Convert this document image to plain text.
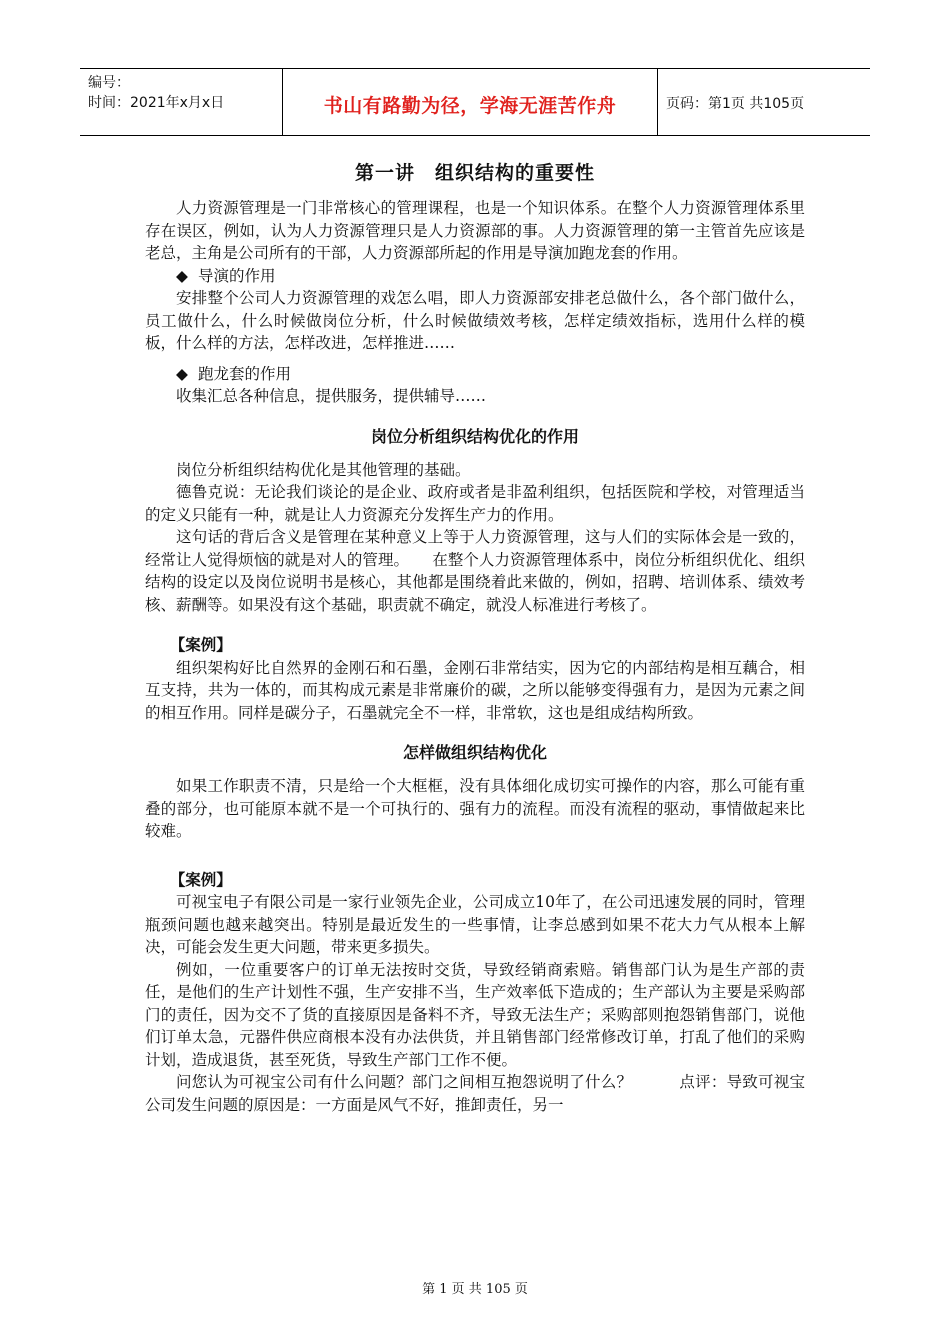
编号：
时间：2021年x月x日	书山有路勤为径，学海无涯苦作舟	页码：第1页 共105页
第一讲　组织结构的重要性

人力资源管理是一门非常核心的管理课程，也是一个知识体系。在整个人力资源管理体系里存在误区，例如，认为人力资源管理只是人力资源部的事。人力资源管理的第一主管首先应该是老总，主角是公司所有的干部，人力资源部所起的作用是导演加跑龙套的作用。

◆ 导演的作用

安排整个公司人力资源管理的戏怎么唱，即人力资源部安排老总做什么，各个部门做什么，员工做什么，什么时候做岗位分析，什么时候做绩效考核，怎样定绩效指标，选用什么样的模板，什么样的方法，怎样改进，怎样推进……

◆ 跑龙套的作用

收集汇总各种信息，提供服务，提供辅导……

岗位分析组织结构优化的作用

岗位分析组织结构优化是其他管理的基础。

德鲁克说：无论我们谈论的是企业、政府或者是非盈利组织，包括医院和学校，对管理适当的定义只能有一种，就是让人力资源充分发挥生产力的作用。

这句话的背后含义是管理在某种意义上等于人力资源管理，这与人们的实际体会是一致的，经常让人觉得烦恼的就是对人的管理。　　在整个人力资源管理体系中，岗位分析组织优化、组织结构的设定以及岗位说明书是核心，其他都是围绕着此来做的，例如，招聘、培训体系、绩效考核、薪酬等。如果没有这个基础，职责就不确定，就没人标准进行考核了。

【案例】

组织架构好比自然界的金刚石和石墨，金刚石非常结实，因为它的内部结构是相互藕合，相互支持，共为一体的，而其构成元素是非常廉价的碳，之所以能够变得强有力，是因为元素之间的相互作用。同样是碳分子，石墨就完全不一样，非常软，这也是组成结构所致。

怎样做组织结构优化

如果工作职责不清，只是给一个大框框，没有具体细化成切实可操作的内容，那么可能有重叠的部分，也可能原本就不是一个可执行的、强有力的流程。而没有流程的驱动，事情做起来比较难。

【案例】

可视宝电子有限公司是一家行业领先企业，公司成立10年了，在公司迅速发展的同时，管理瓶颈问题也越来越突出。特别是最近发生的一些事情，让李总感到如果不花大力气从根本上解决，可能会发生更大问题，带来更多损失。

例如，一位重要客户的订单无法按时交货，导致经销商索赔。销售部门认为是生产部的责任，是他们的生产计划性不强，生产安排不当，生产效率低下造成的；生产部认为主要是采购部门的责任，因为交不了货的直接原因是备料不齐，导致无法生产；采购部则抱怨销售部门，说他们订单太急，元器件供应商根本没有办法供货，并且销售部门经常修改订单，打乱了他们的采购计划，造成退货，甚至死货，导致生产部门工作不便。

问您认为可视宝公司有什么问题？部门之间相互抱怨说明了什么？　　　点评：导致可视宝公司发生问题的原因是：一方面是风气不好，推卸责任，另一

第 1 页 共 105 页
